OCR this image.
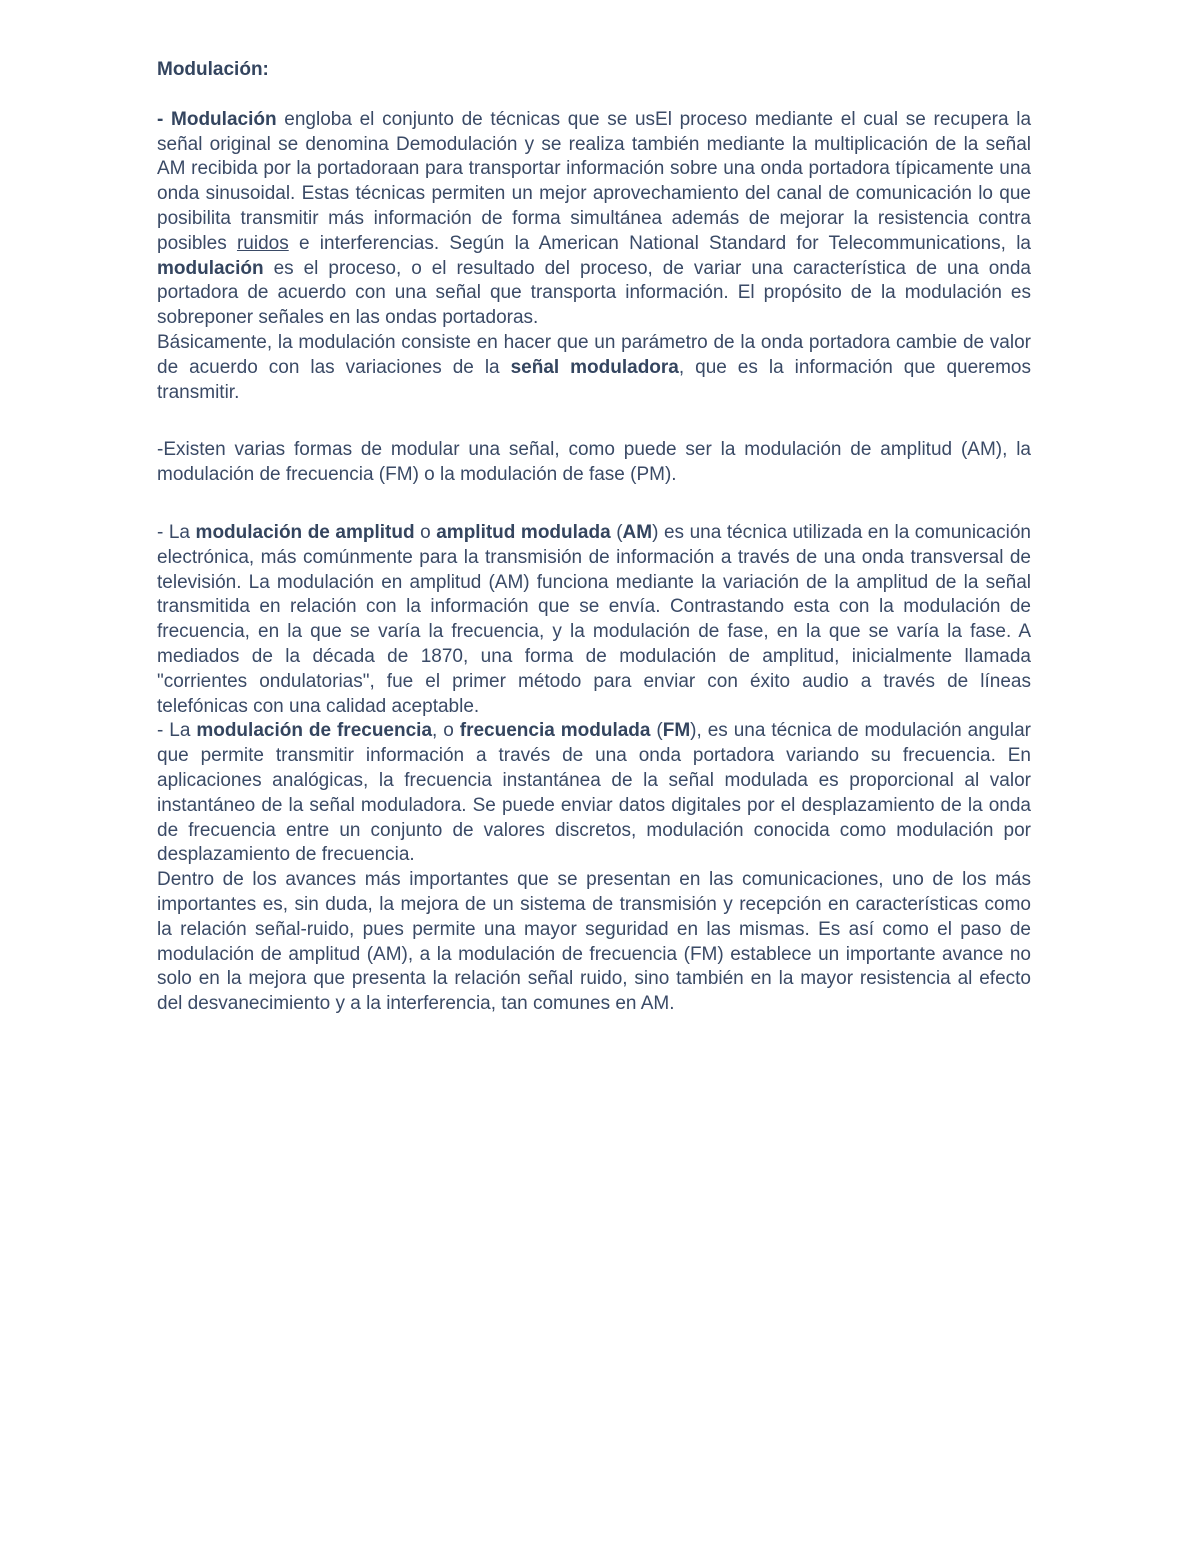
Modulación:

- Modulación engloba el conjunto de técnicas que se usEl proceso mediante el cual se recupera la señal original se denomina Demodulación y se realiza también mediante la multiplicación de la señal AM recibida por la portadoraan para transportar información sobre una onda portadora típicamente una onda sinusoidal. Estas técnicas permiten un mejor aprovechamiento del canal de comunicación lo que posibilita transmitir más información de forma simultánea además de mejorar la resistencia contra posibles ruidos e interferencias. Según la American National Standard for Telecommunications, la modulación es el proceso, o el resultado del proceso, de variar una característica de una onda portadora de acuerdo con una señal que transporta información. El propósito de la modulación es sobreponer señales en las ondas portadoras.

Básicamente, la modulación consiste en hacer que un parámetro de la onda portadora cambie de valor de acuerdo con las variaciones de la señal moduladora, que es la información que queremos transmitir.

-Existen varias formas de modular una señal, como puede ser la modulación de amplitud (AM), la modulación de frecuencia (FM) o la modulación de fase (PM).

- La modulación de amplitud o amplitud modulada (AM) es una técnica utilizada en la comunicación electrónica, más comúnmente para la transmisión de información a través de una onda transversal de televisión. La modulación en amplitud (AM) funciona mediante la variación de la amplitud de la señal transmitida en relación con la información que se envía. Contrastando esta con la modulación de frecuencia, en la que se varía la frecuencia, y la modulación de fase, en la que se varía la fase. A mediados de la década de 1870, una forma de modulación de amplitud, inicialmente llamada "corrientes ondulatorias", fue el primer método para enviar con éxito audio a través de líneas telefónicas con una calidad aceptable.

- La modulación de frecuencia, o frecuencia modulada (FM), es una técnica de modulación angular que permite transmitir información a través de una onda portadora variando su frecuencia. En aplicaciones analógicas, la frecuencia instantánea de la señal modulada es proporcional al valor instantáneo de la señal moduladora. Se puede enviar datos digitales por el desplazamiento de la onda de frecuencia entre un conjunto de valores discretos, modulación conocida como modulación por desplazamiento de frecuencia.

Dentro de los avances más importantes que se presentan en las comunicaciones, uno de los más importantes es, sin duda, la mejora de un sistema de transmisión y recepción en características como la relación señal-ruido, pues permite una mayor seguridad en las mismas. Es así como el paso de modulación de amplitud (AM), a la modulación de frecuencia (FM) establece un importante avance no solo en la mejora que presenta la relación señal ruido, sino también en la mayor resistencia al efecto del desvanecimiento y a la interferencia, tan comunes en AM.
